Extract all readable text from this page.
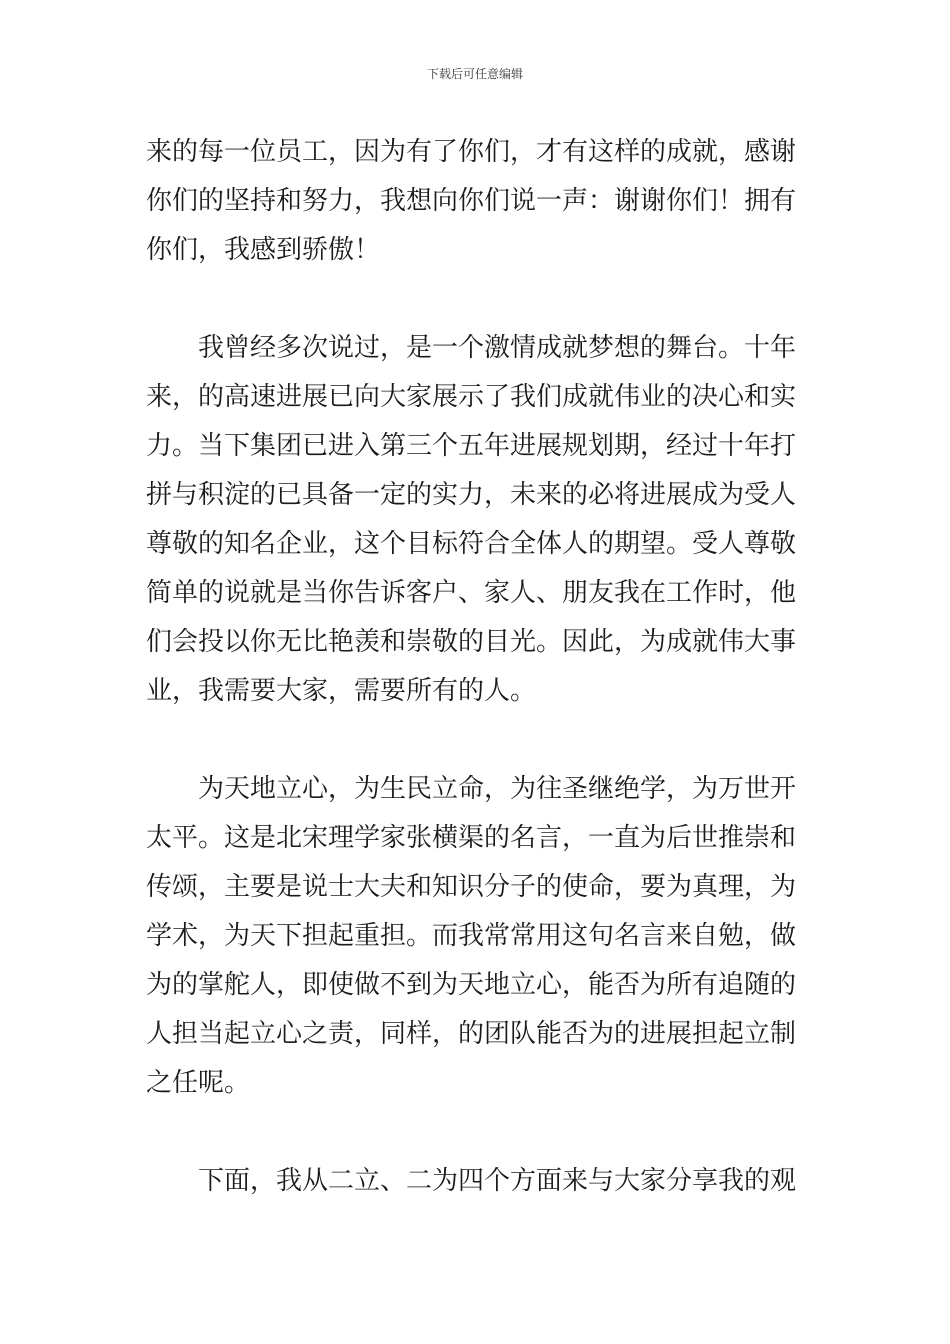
下载后可任意编辑

来的每一位员工，因为有了你们，才有这样的成就，感谢

你们的坚持和努力，我想向你们说一声：谢谢你们！拥有

你们，我感到骄傲！

　　我曾经多次说过，是一个激情成就梦想的舞台。十年

来，的高速进展已向大家展示了我们成就伟业的决心和实

力。当下集团已进入第三个五年进展规划期，经过十年打

拼与积淀的已具备一定的实力，未来的必将进展成为受人

尊敬的知名企业，这个目标符合全体人的期望。受人尊敬

简单的说就是当你告诉客户、家人、朋友我在工作时，他

们会投以你无比艳羡和崇敬的目光。因此，为成就伟大事

业，我需要大家，需要所有的人。

　　为天地立心，为生民立命，为往圣继绝学，为万世开

太平。这是北宋理学家张横渠的名言，一直为后世推崇和

传颂，主要是说士大夫和知识分子的使命，要为真理，为

学术，为天下担起重担。而我常常用这句名言来自勉，做

为的掌舵人，即使做不到为天地立心，能否为所有追随的

人担当起立心之责，同样，的团队能否为的进展担起立制

之任呢。

　　下面，我从二立、二为四个方面来与大家分享我的观
